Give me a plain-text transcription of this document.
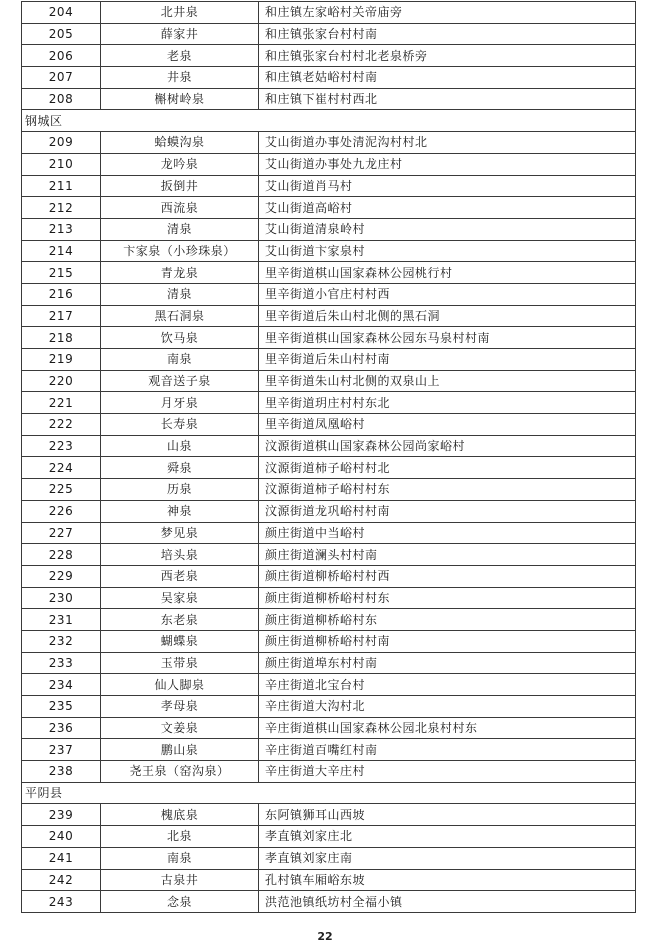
204	北井泉	和庄镇左家峪村关帝庙旁
205	薛家井	和庄镇张家台村村南
206	老泉	和庄镇张家台村村北老泉桥旁
207	井泉	和庄镇老姑峪村村南
208	槲树岭泉	和庄镇下崔村村西北
钢城区		
209	蛤蟆沟泉	艾山街道办事处清泥沟村村北
210	龙吟泉	艾山街道办事处九龙庄村
211	扳倒井	艾山街道肖马村
212	西流泉	艾山街道高峪村
213	清泉	艾山街道清泉岭村
214	卞家泉（小珍珠泉）	艾山街道卞家泉村
215	青龙泉	里辛街道棋山国家森林公园桃行村
216	清泉	里辛街道小官庄村村西
217	黑石洞泉	里辛街道后朱山村北侧的黑石洞
218	饮马泉	里辛街道棋山国家森林公园东马泉村村南
219	南泉	里辛街道后朱山村村南
220	观音送子泉	里辛街道朱山村北侧的双泉山上
221	月牙泉	里辛街道玥庄村村东北
222	长寿泉	里辛街道凤凰峪村
223	山泉	汶源街道棋山国家森林公园尚家峪村
224	舜泉	汶源街道柿子峪村村北
225	历泉	汶源街道柿子峪村村东
226	神泉	汶源街道龙巩峪村村南
227	梦见泉	颜庄街道中当峪村
228	培头泉	颜庄街道澜头村村南
229	西老泉	颜庄街道柳桥峪村村西
230	吴家泉	颜庄街道柳桥峪村村东
231	东老泉	颜庄街道柳桥峪村东
232	蝴蝶泉	颜庄街道柳桥峪村村南
233	玉带泉	颜庄街道埠东村村南
234	仙人脚泉	辛庄街道北宝台村
235	孝母泉	辛庄街道大沟村北
236	文姜泉	辛庄街道棋山国家森林公园北泉村村东
237	鹏山泉	辛庄街道百嘴红村南
238	尧王泉（窑沟泉）	辛庄街道大辛庄村
平阴县		
239	槐底泉	东阿镇狮耳山西坡
240	北泉	孝直镇刘家庄北
241	南泉	孝直镇刘家庄南
242	古泉井	孔村镇车厢峪东坡
243	念泉	洪范池镇纸坊村全福小镇
22
